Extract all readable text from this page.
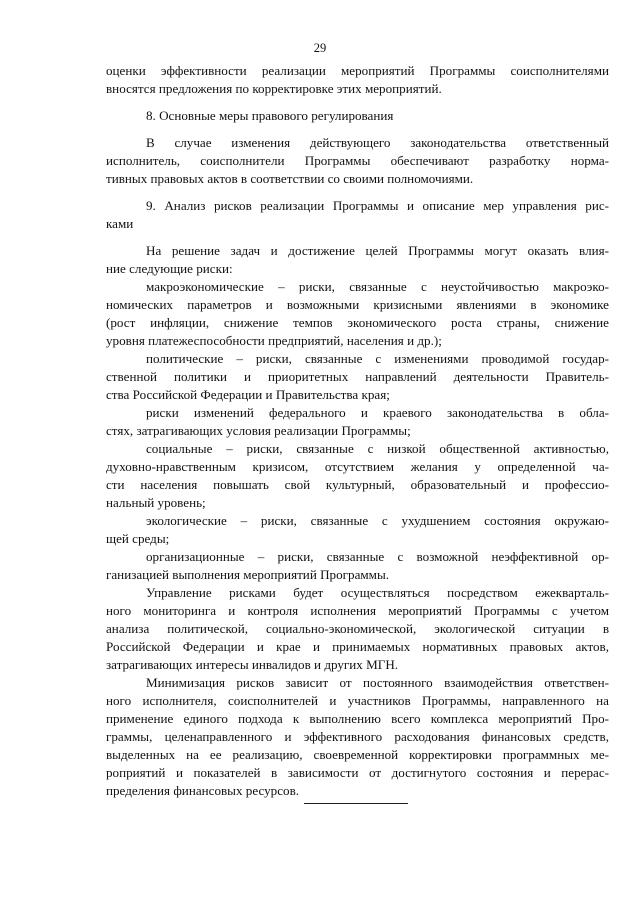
29
оценки эффективности реализации мероприятий Программы соисполнителями
вносятся предложения по корректировке этих мероприятий.
8. Основные меры правового регулирования
В случае изменения действующего законодательства ответственный
исполнитель, соисполнители Программы обеспечивают разработку норма-
тивных правовых актов в соответствии со своими полномочиями.
9. Анализ рисков реализации Программы и описание мер управления рис-
ками
На решение задач и достижение целей Программы могут оказать влия-
ние следующие риски:
макроэкономические – риски, связанные с неустойчивостью макроэко-
номических параметров и возможными кризисными явлениями в экономике
(рост инфляции, снижение темпов экономического роста страны, снижение
уровня платежеспособности предприятий, населения и др.);
политические – риски, связанные с изменениями проводимой государ-
ственной политики и приоритетных направлений деятельности Правитель-
ства Российской Федерации и Правительства края;
риски изменений федерального и краевого законодательства в обла-
стях, затрагивающих условия реализации Программы;
социальные – риски, связанные с низкой общественной активностью,
духовно-нравственным кризисом, отсутствием желания у определенной ча-
сти населения повышать свой культурный, образовательный и профессио-
нальный уровень;
экологические – риски, связанные с ухудшением состояния окружаю-
щей среды;
организационные – риски, связанные с возможной неэффективной ор-
ганизацией выполнения мероприятий Программы.
Управление рисками будет осуществляться посредством ежекварталь-
ного мониторинга и контроля исполнения мероприятий Программы с учетом
анализа политической, социально-экономической, экологической ситуации в
Российской Федерации и крае и принимаемых нормативных правовых актов,
затрагивающих интересы инвалидов и других МГН.
Минимизация рисков зависит от постоянного взаимодействия ответствен-
ного исполнителя, соисполнителей и участников Программы, направленного на
применение единого подхода к выполнению всего комплекса мероприятий Про-
граммы, целенаправленного и эффективного расходования финансовых средств,
выделенных на ее реализацию, своевременной корректировки программных ме-
роприятий и показателей в зависимости от достигнутого состояния и перерас-
пределения финансовых ресурсов.
